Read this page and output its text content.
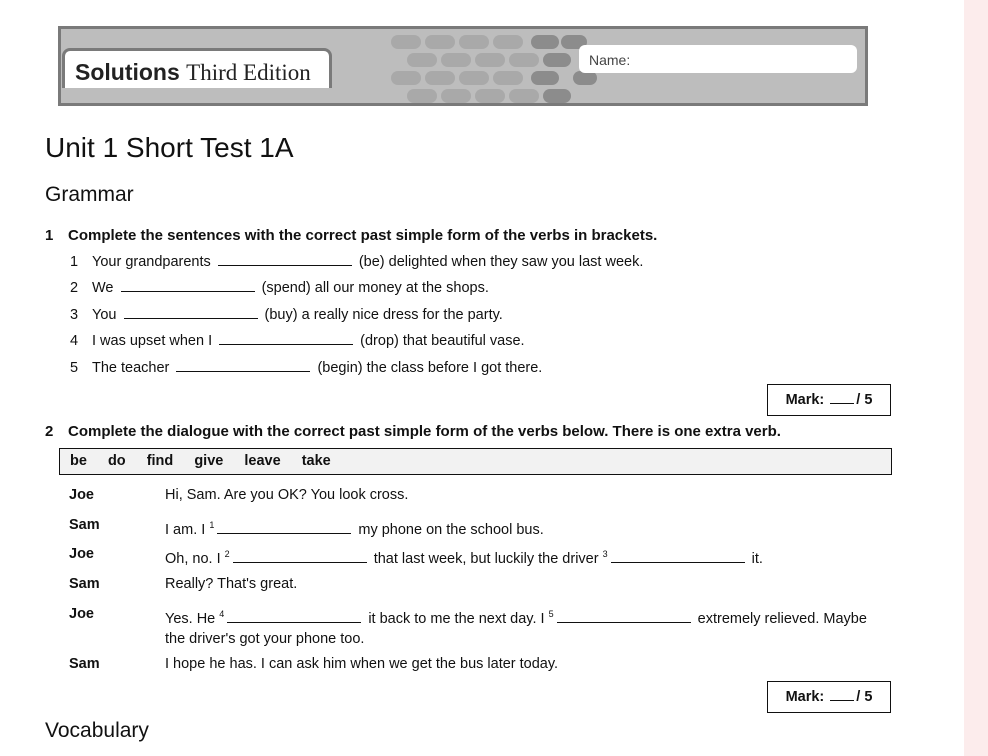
Name:
Solutions Third Edition
Unit 1 Short Test 1A
Grammar
1 Complete the sentences with the correct past simple form of the verbs in brackets.
1 Your grandparents	(be) delighted when they saw you last week.
2 We	(spend) all our money at the shops.
3 You	(buy) a really nice dress for the party.
4 I was upset when I	(drop) that beautiful vase.
5 The teacher	(begin) the class before I got there.
Mark: / 5
2 Complete the dialogue with the correct past simple form of the verbs below. There is one extra verb.
be do find give leave take
Joe	Hi, Sam. Are you OK? You look cross.
Sam	I am. I $^1$	my phone on the school bus.
Joe	Oh, no. I $^2$	that last week, but luckily the driver $^3$	it.
Sam	Really? That's great.
Joe	Yes. He $^4$	it back to me the next day. I $^5$	extremely relieved. Maybe the driver's got your phone too.
Sam	I hope he has. I can ask him when we get the bus later today.
Mark: / 5
Vocabulary
